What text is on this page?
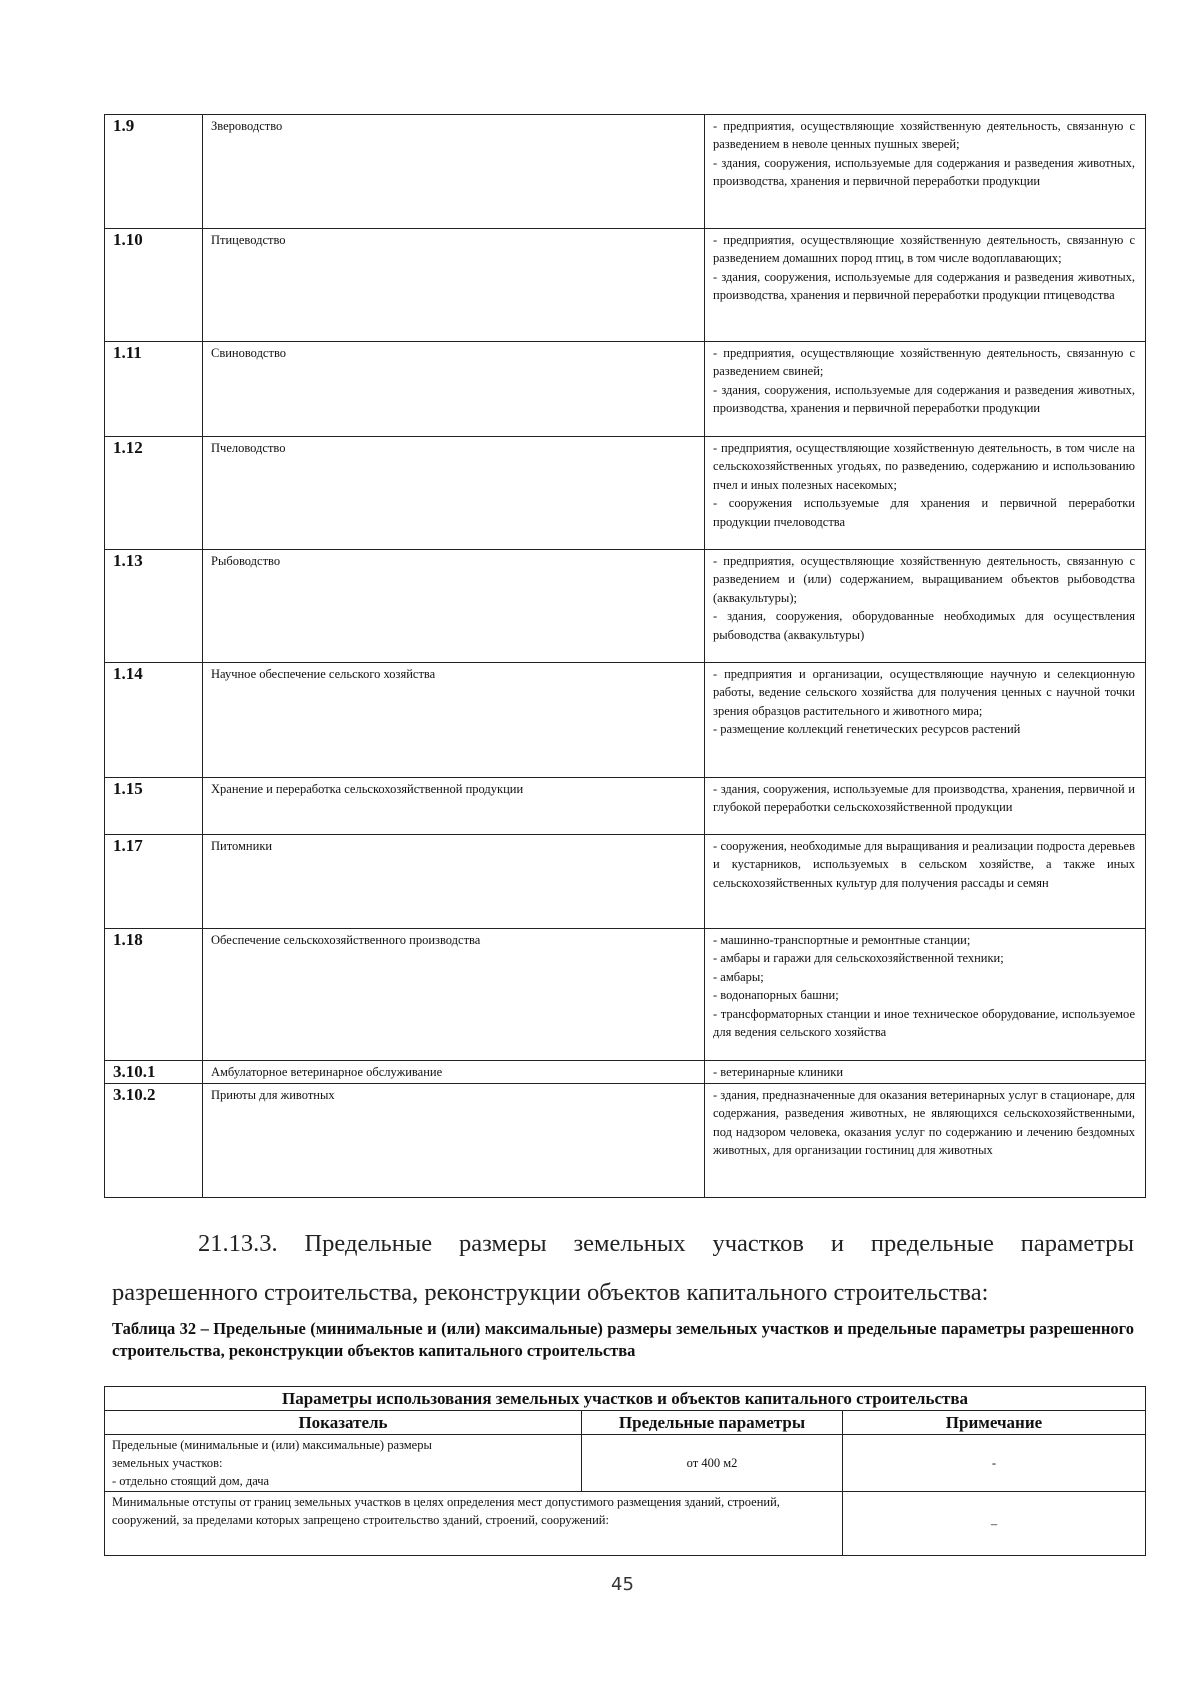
1.9	Звероводство	- предприятия, осуществляющие хозяйственную деятельность, связанную с разведением в неволе ценных пушных зверей;
- здания, сооружения, используемые для содержания и разведения животных, производства, хранения и первичной переработки продукции

1.10	Птицеводство	- предприятия, осуществляющие хозяйственную деятельность, связанную с разведением домашних пород птиц, в том числе водоплавающих;
- здания, сооружения, используемые для содержания и разведения животных, производства, хранения и первичной переработки продукции птицеводства

1.11	Свиноводство	- предприятия, осуществляющие хозяйственную деятельность, связанную с разведением свиней;
- здания, сооружения, используемые для содержания и разведения животных, производства, хранения и первичной переработки продукции

1.12	Пчеловодство	- предприятия, осуществляющие хозяйственную деятельность, в том числе на сельскохозяйственных угодьях, по разведению, содержанию и использованию пчел и иных полезных насекомых;
- сооружения используемые для хранения и первичной переработки продукции пчеловодства

1.13	Рыбоводство	- предприятия, осуществляющие хозяйственную деятельность, связанную с разведением и (или) содержанием, выращиванием объектов рыбоводства (аквакультуры);
- здания, сооружения, оборудованные необходимых для осуществления рыбоводства (аквакультуры)

1.14	Научное обеспечение сельского хозяйства	- предприятия и организации, осуществляющие научную и селекционную работы, ведение сельского хозяйства для получения ценных с научной точки зрения образцов растительного и животного мира;
- размещение коллекций генетических ресурсов растений

1.15	Хранение и переработка сельскохозяйственной продукции	- здания, сооружения, используемые для производства, хранения, первичной и глубокой переработки сельскохозяйственной продукции

1.17	Питомники	- сооружения, необходимые для выращивания и реализации подроста деревьев и кустарников, используемых в сельском хозяйстве, а также иных сельскохозяйственных культур для получения рассады и семян

1.18	Обеспечение сельскохозяйственного производства	- машинно-транспортные и ремонтные станции;
- амбары и гаражи для сельскохозяйственной техники;
- амбары;
- водонапорных башни;
- трансформаторных станции и иное техническое оборудование, используемое для ведения сельского хозяйства

3.10.1	Амбулаторное ветеринарное обслуживание	- ветеринарные клиники

3.10.2	Приюты для животных	- здания, предназначенные для оказания ветеринарных услуг в стационаре, для содержания, разведения животных, не являющихся сельскохозяйственными, под надзором человека, оказания услуг по содержанию и лечению бездомных животных, для организации гостиниц для животных
21.13.3. Предельные размеры земельных участков и предельные параметры
разрешенного строительства, реконструкции объектов капитального строительства:
Таблица 32 – Предельные (минимальные и (или) максимальные) размеры земельных участков и предельные параметры разрешенного строительства, реконструкции объектов капитального строительства
Параметры использования земельных участков и объектов капитального строительства		
Показатель	Предельные параметры	Примечание

Предельные (минимальные и (или) максимальные) размеры
земельных участков:
- отдельно стоящий дом, дача	от 400 м2	-
Минимальные отступы от границ земельных участков в целях определения мест допустимого размещения зданий, строений, сооружений, за пределами которых запрещено строительство зданий, строений, сооружений:		–
45
